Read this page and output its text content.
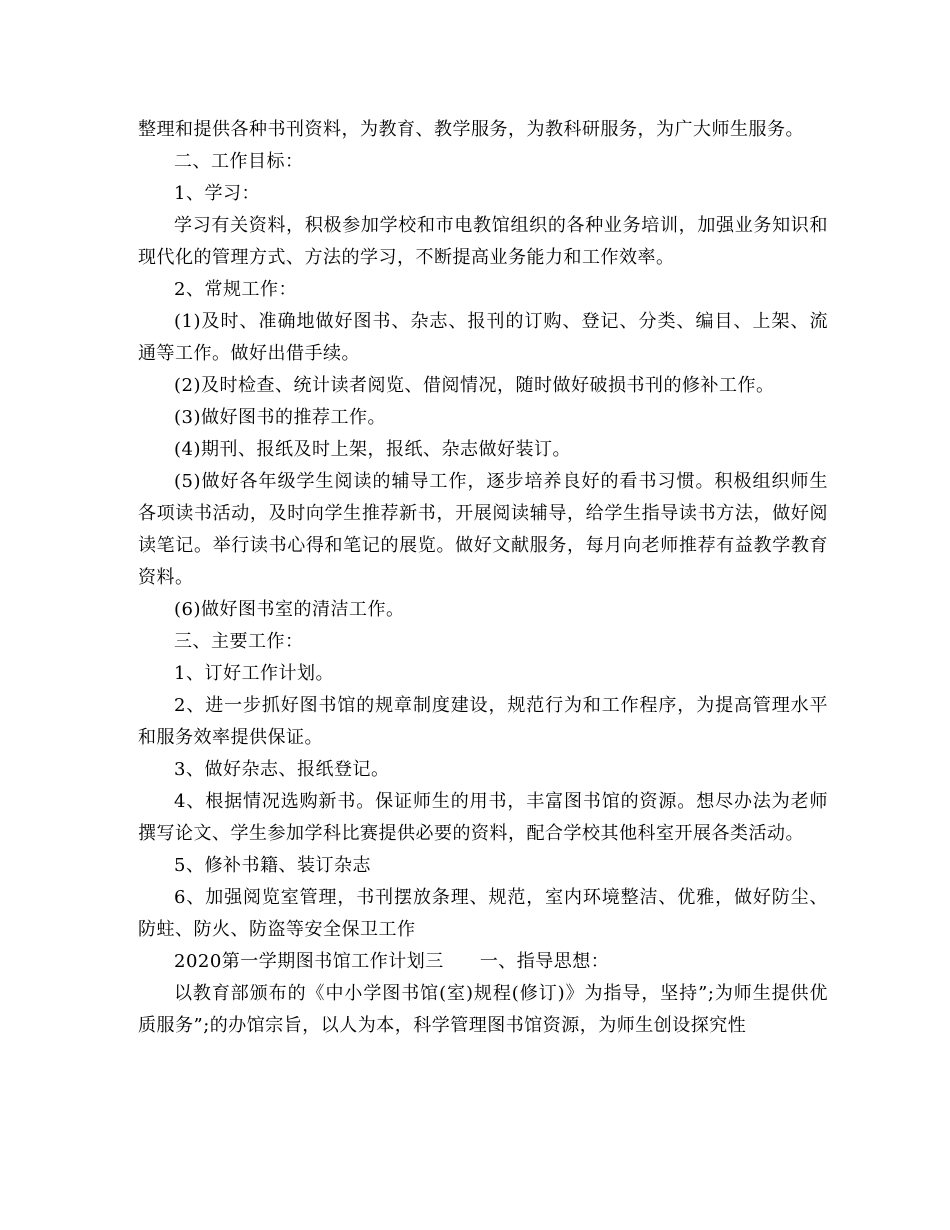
整理和提供各种书刊资料，为教育、教学服务，为教科研服务，为广大师生服务。

二、工作目标：

1、学习：

学习有关资料，积极参加学校和市电教馆组织的各种业务培训，加强业务知识和现代化的管理方式、方法的学习，不断提高业务能力和工作效率。

2、常规工作：

(1)及时、准确地做好图书、杂志、报刊的订购、登记、分类、编目、上架、流通等工作。做好出借手续。

(2)及时检查、统计读者阅览、借阅情况，随时做好破损书刊的修补工作。

(3)做好图书的推荐工作。

(4)期刊、报纸及时上架，报纸、杂志做好装订。

(5)做好各年级学生阅读的辅导工作，逐步培养良好的看书习惯。积极组织师生各项读书活动，及时向学生推荐新书，开展阅读辅导，给学生指导读书方法，做好阅读笔记。举行读书心得和笔记的展览。做好文献服务，每月向老师推荐有益教学教育资料。

(6)做好图书室的清洁工作。

三、主要工作：

1、订好工作计划。

2、进一步抓好图书馆的规章制度建设，规范行为和工作程序，为提高管理水平和服务效率提供保证。

3、做好杂志、报纸登记。

4、根据情况选购新书。保证师生的用书，丰富图书馆的资源。想尽办法为老师撰写论文、学生参加学科比赛提供必要的资料，配合学校其他科室开展各类活动。

5、修补书籍、装订杂志

6、加强阅览室管理，书刊摆放条理、规范，室内环境整洁、优雅，做好防尘、防蛀、防火、防盗等安全保卫工作

2020第一学期图书馆工作计划三 一、指导思想：

以教育部颁布的《中小学图书馆(室)规程(修订)》为指导，坚持”;为师生提供优质服务”;的办馆宗旨，以人为本，科学管理图书馆资源，为师生创设探究性
